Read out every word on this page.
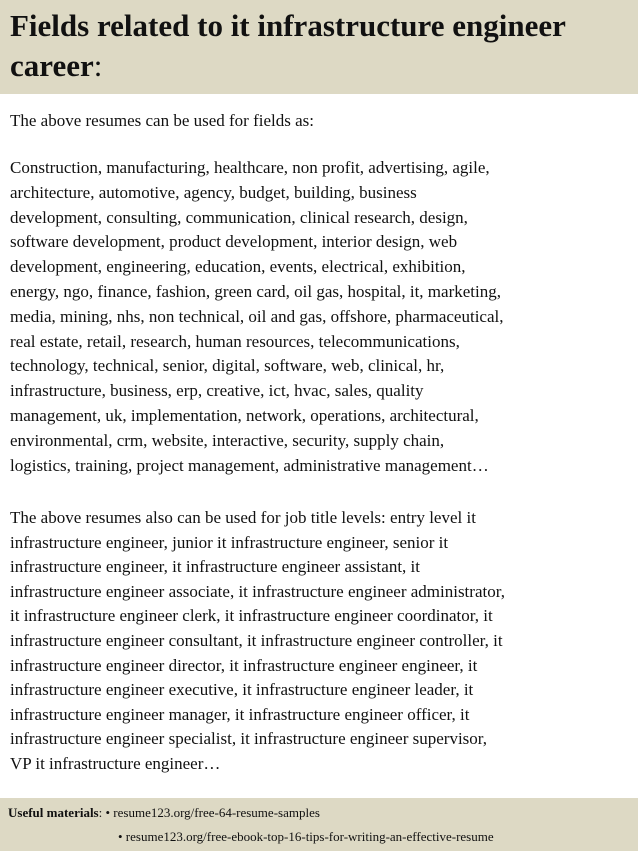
Fields related to it infrastructure engineer
career:
The above resumes can be used for fields as:
Construction, manufacturing, healthcare, non profit, advertising, agile,
architecture, automotive, agency, budget, building, business
development, consulting, communication, clinical research, design,
software development, product development, interior design, web
development, engineering, education, events, electrical, exhibition,
energy, ngo, finance, fashion, green card, oil gas, hospital, it, marketing,
media, mining, nhs, non technical, oil and gas, offshore, pharmaceutical,
real estate, retail, research, human resources, telecommunications,
technology, technical, senior, digital, software, web, clinical, hr,
infrastructure, business, erp, creative, ict, hvac, sales, quality
management, uk, implementation, network, operations, architectural,
environmental, crm, website, interactive, security, supply chain,
logistics, training, project management, administrative management…
The above resumes also can be used for job title levels: entry level it
infrastructure engineer, junior it infrastructure engineer, senior it
infrastructure engineer, it infrastructure engineer assistant, it
infrastructure engineer associate, it infrastructure engineer administrator,
it infrastructure engineer clerk, it infrastructure engineer coordinator, it
infrastructure engineer consultant, it infrastructure engineer controller, it
infrastructure engineer director, it infrastructure engineer engineer, it
infrastructure engineer executive, it infrastructure engineer leader, it
infrastructure engineer manager, it infrastructure engineer officer, it
infrastructure engineer specialist, it infrastructure engineer supervisor,
VP it infrastructure engineer…
Useful materials: • resume123.org/free-64-resume-samples
• resume123.org/free-ebook-top-16-tips-for-writing-an-effective-resume
